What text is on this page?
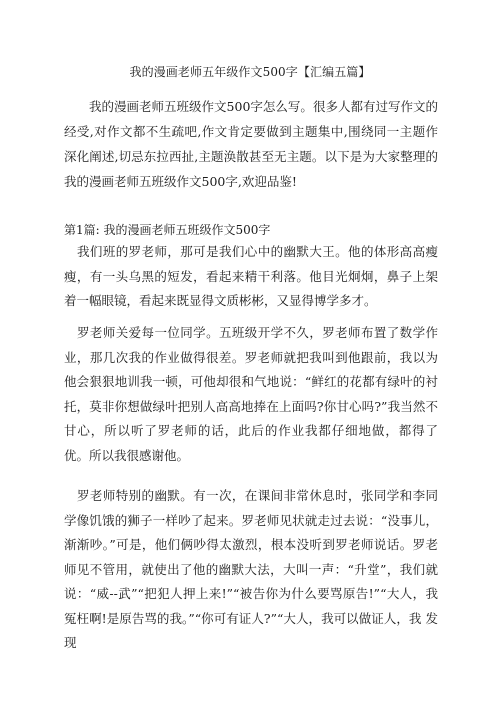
我的漫画老师五年级作文500字【汇编五篇】

我的漫画老师五班级作文500字怎么写。很多人都有过写作文的经受,对作文都不生疏吧,作文肯定要做到主题集中,围绕同一主题作深化阐述,切忌东拉西扯,主题涣散甚至无主题。以下是为大家整理的我的漫画老师五班级作文500字,欢迎品鉴!

第1篇: 我的漫画老师五班级作文500字

我们班的罗老师，那可是我们心中的幽默大王。他的体形高高瘦瘦，有一头乌黑的短发，看起来精干利落。他目光炯炯，鼻子上架着一幅眼镜，看起来既显得文质彬彬，又显得博学多才。

罗老师关爱每一位同学。五班级开学不久，罗老师布置了数学作业，那几次我的作业做得很差。罗老师就把我叫到他跟前，我以为他会狠狠地训我一顿，可他却很和气地说：“鲜红的花都有绿叶的衬托，莫非你想做绿叶把别人高高地捧在上面吗?你甘心吗?”我当然不甘心，所以听了罗老师的话，此后的作业我都仔细地做，都得了优。所以我很感谢他。

罗老师特别的幽默。有一次，在课间非常休息时，张同学和李同学像饥饿的狮子一样吵了起来。罗老师见状就走过去说：“没事儿，渐渐吵。”可是，他们俩吵得太激烈，根本没听到罗老师说话。罗老师见不管用，就使出了他的幽默大法，大叫一声：“升堂”，我们就说：“威--武”“把犯人押上来!”“被告你为什么要骂原告!”“大人，我冤枉啊!是原告骂的我。”“你可有证人?”“大人，我可以做证人，我 发现
